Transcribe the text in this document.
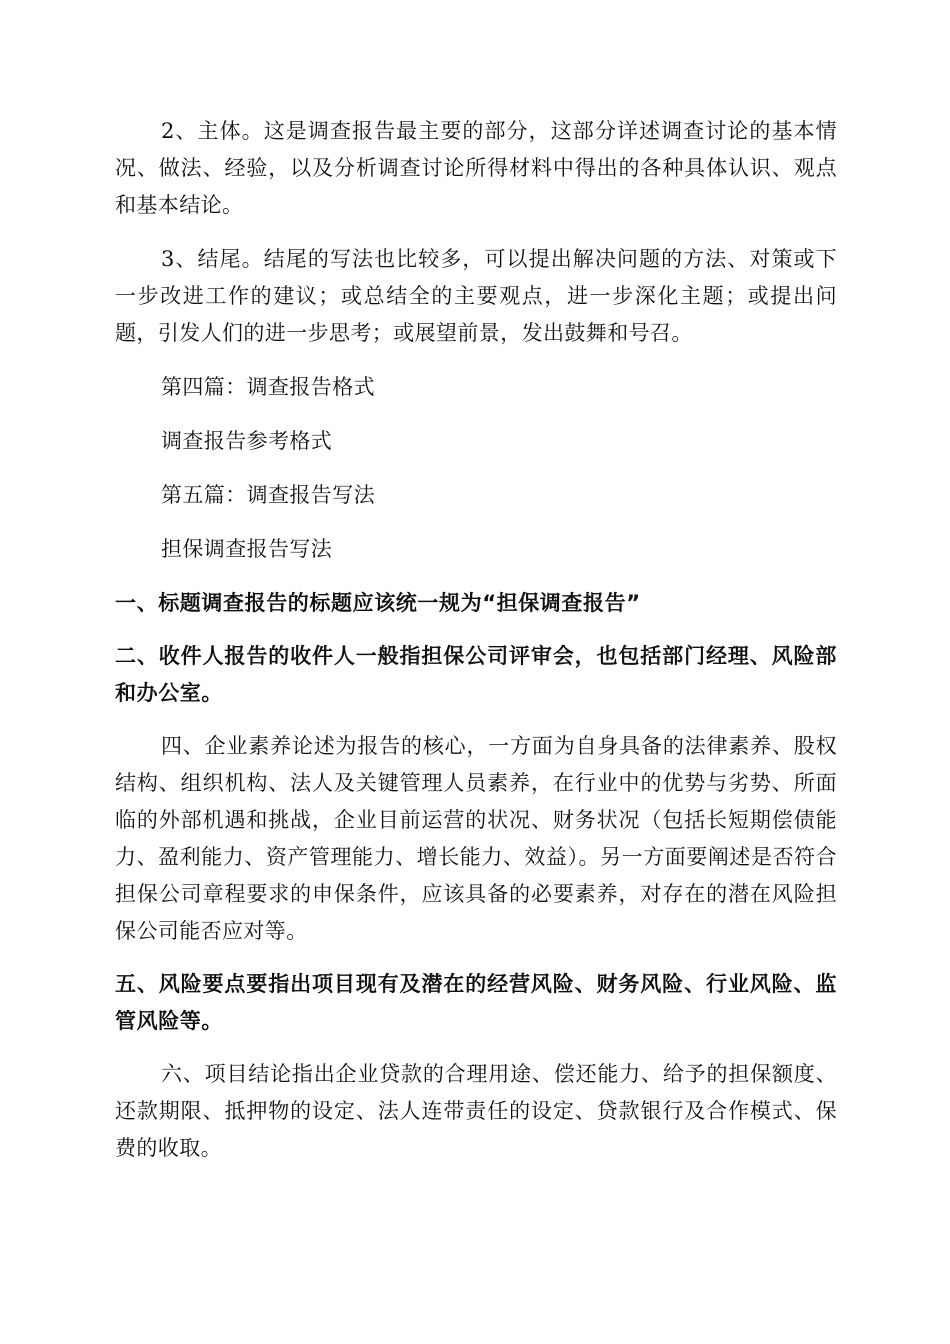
2、主体。这是调查报告最主要的部分，这部分详述调查讨论的基本情况、做法、经验，以及分析调查讨论所得材料中得出的各种具体认识、观点和基本结论。

3、结尾。结尾的写法也比较多，可以提出解决问题的方法、对策或下一步改进工作的建议；或总结全的主要观点，进一步深化主题；或提出问题，引发人们的进一步思考；或展望前景，发出鼓舞和号召。

第四篇：调查报告格式

调查报告参考格式

第五篇：调查报告写法

担保调查报告写法

一、标题调查报告的标题应该统一规为“担保调查报告”

二、收件人报告的收件人一般指担保公司评审会，也包括部门经理、风险部和办公室。

四、企业素养论述为报告的核心，一方面为自身具备的法律素养、股权结构、组织机构、法人及关键管理人员素养，在行业中的优势与劣势、所面临的外部机遇和挑战，企业目前运营的状况、财务状况（包括长短期偿债能力、盈利能力、资产管理能力、增长能力、效益）。另一方面要阐述是否符合担保公司章程要求的申保条件，应该具备的必要素养，对存在的潜在风险担保公司能否应对等。

五、风险要点要指出项目现有及潜在的经营风险、财务风险、行业风险、监管风险等。

六、项目结论指出企业贷款的合理用途、偿还能力、给予的担保额度、还款期限、抵押物的设定、法人连带责任的设定、贷款银行及合作模式、保费的收取。
